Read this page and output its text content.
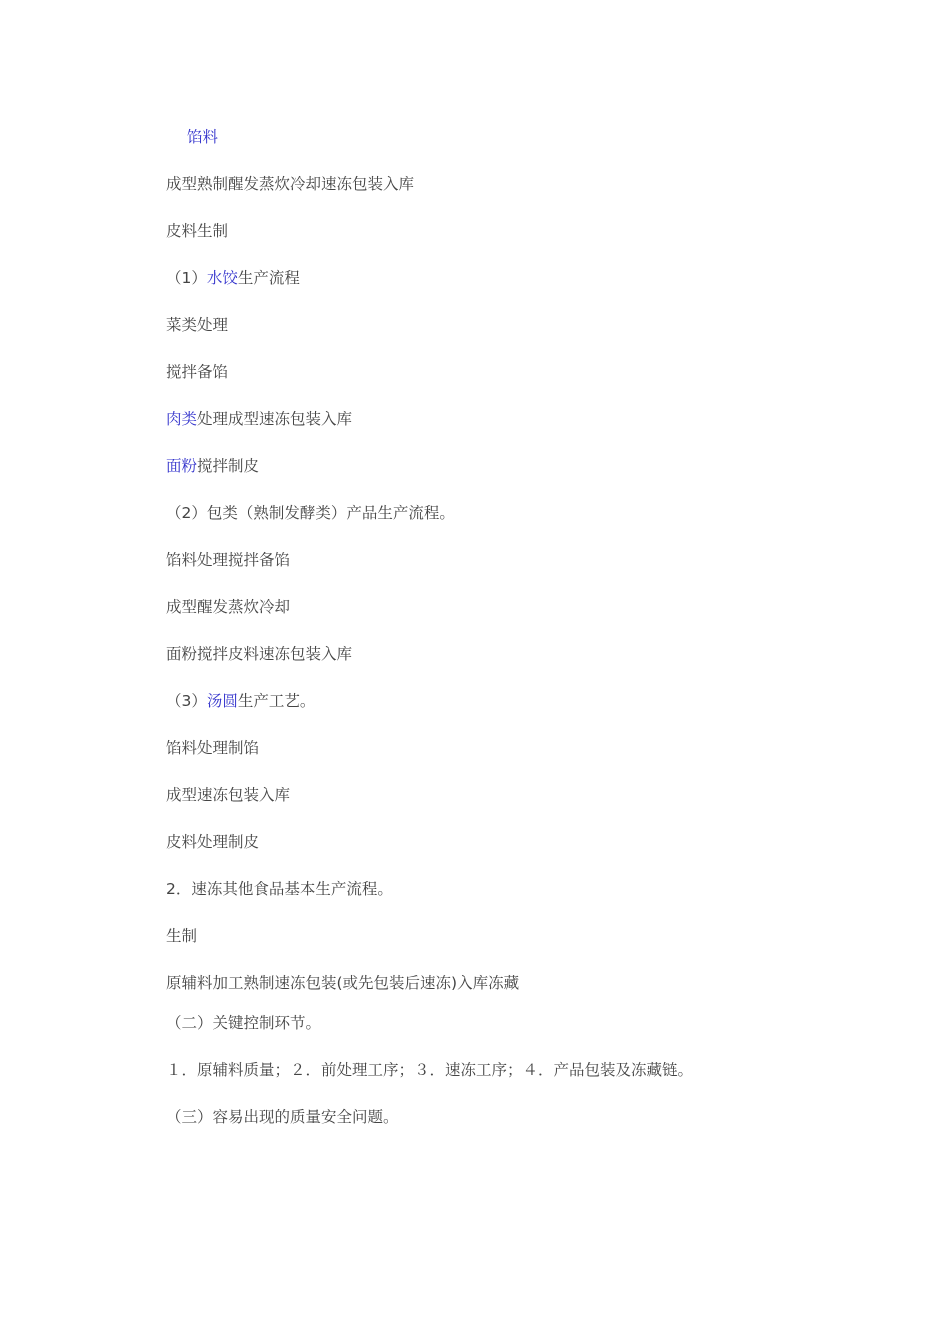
馅料

成型熟制醒发蒸炊冷却速冻包装入库

皮料生制

（1）水饺生产流程

菜类处理

搅拌备馅

肉类处理成型速冻包装入库

面粉搅拌制皮

（2）包类（熟制发酵类）产品生产流程。

馅料处理搅拌备馅

成型醒发蒸炊冷却

面粉搅拌皮料速冻包装入库

（3）汤圆生产工艺。

馅料处理制馅

成型速冻包装入库

皮料处理制皮

2．速冻其他食品基本生产流程。

生制

原辅料加工熟制速冻包装(或先包装后速冻)入库冻藏

（二）关键控制环节。

１．原辅料质量；２．前处理工序；３．速冻工序；４．产品包装及冻藏链。

（三）容易出现的质量安全问题。
